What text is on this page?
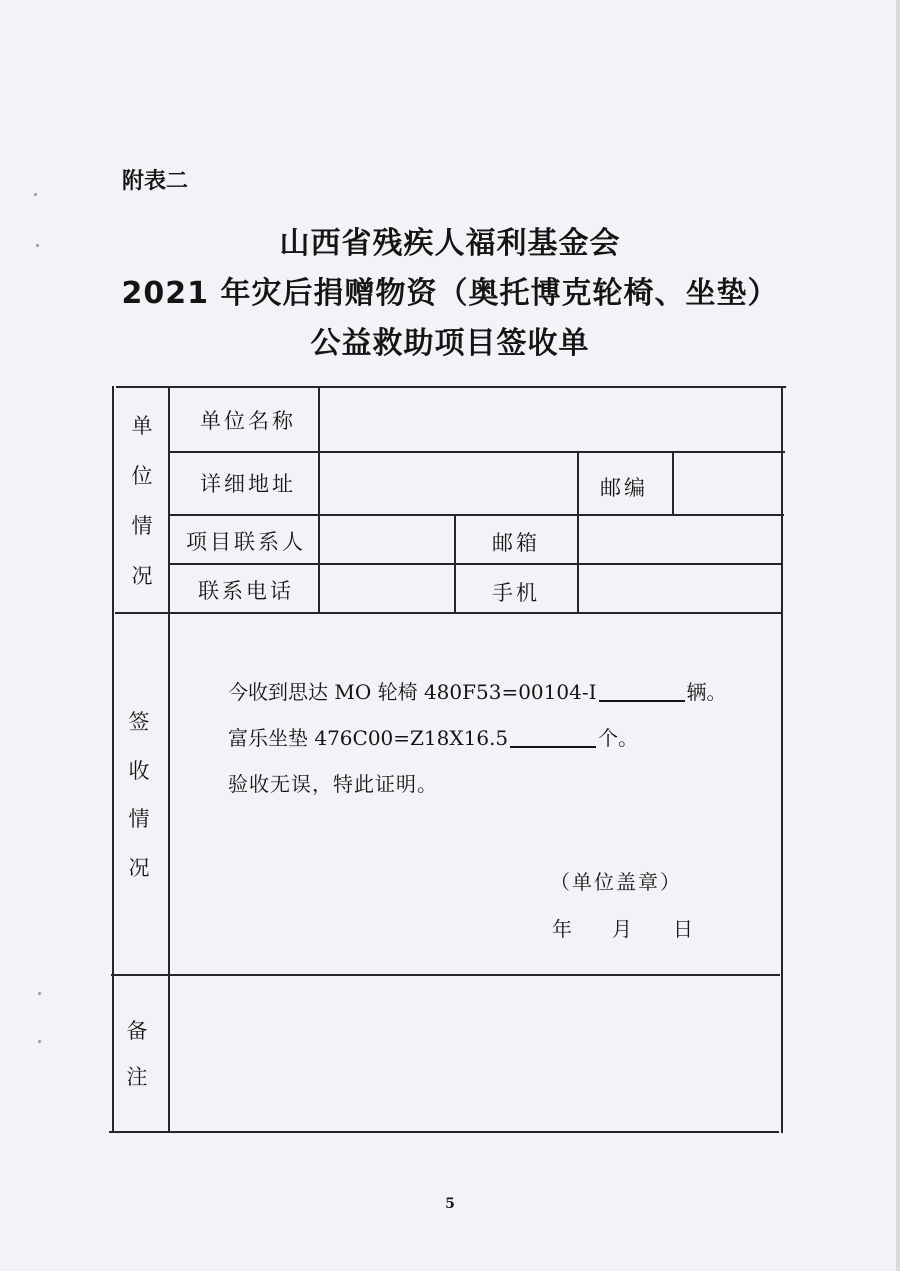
附表二
山西省残疾人福利基金会
2021 年灾后捐赠物资（奥托博克轮椅、坐垫）
公益救助项目签收单
单
位
情
况
单位名称
详细地址	邮编
项目联系人	邮箱
联系电话	手机
签
收
情
况
今收到思达 MO 轮椅 480F53=00104-I	辆。
富乐坐垫 476C00=Z18X16.5	个。
验收无误，特此证明。
（单位盖章）
年 月 日
备
注
5
